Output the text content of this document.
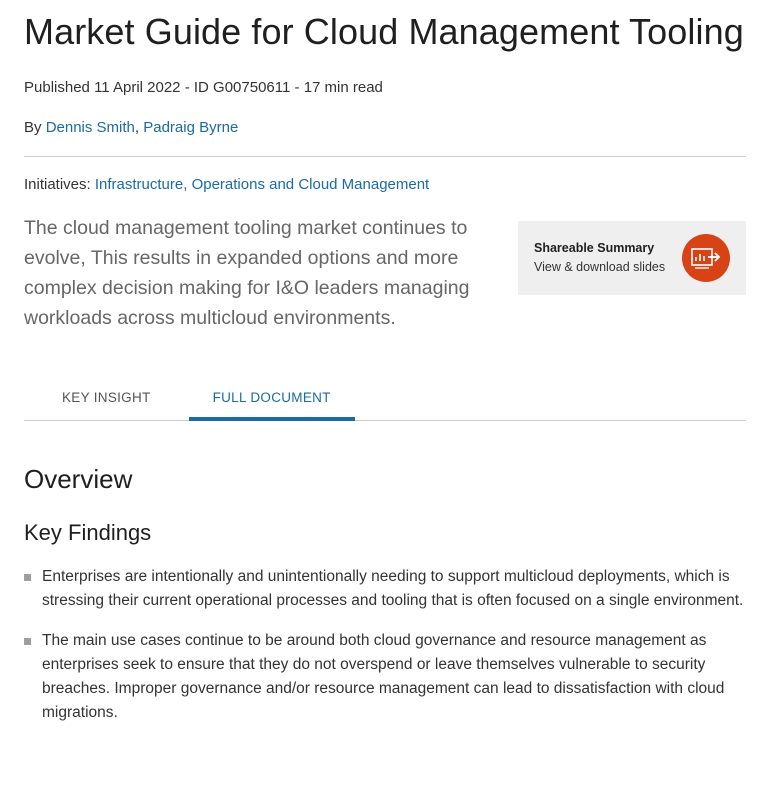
Market Guide for Cloud Management Tooling
Published 11 April 2022 - ID G00750611 - 17 min read
By Dennis Smith, Padraig Byrne
Initiatives: Infrastructure, Operations and Cloud Management

The cloud management tooling market continues to evolve, This results in expanded options and more complex decision making for I&O leaders managing workloads across multicloud environments.

Shareable Summary
View & download slides
KEY INSIGHT	FULL DOCUMENT
Overview
Key Findings
Enterprises are intentionally and unintentionally needing to support multicloud deployments, which is stressing their current operational processes and tooling that is often focused on a single environment.
The main use cases continue to be around both cloud governance and resource management as enterprises seek to ensure that they do not overspend or leave themselves vulnerable to security breaches. Improper governance and/or resource management can lead to dissatisfaction with cloud migrations.
